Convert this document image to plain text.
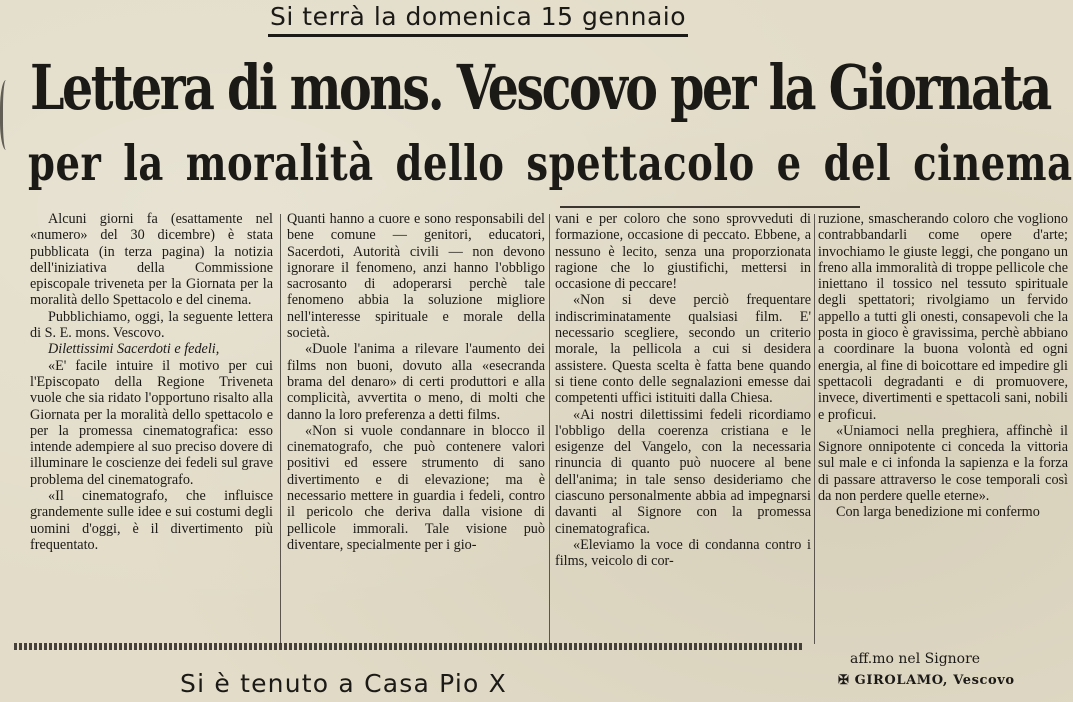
Si terrà la domenica 15 gennaio
Lettera di mons. Vescovo per la Giornata
per la moralità dello spettacolo e del cinema

Alcuni giorni fa (esattamente nel «numero» del 30 dicembre) è stata pubblicata (in terza pagina) la notizia dell'iniziativa della Commissione episcopale triveneta per la Giornata per la moralità dello Spettacolo e del cinema.

Pubblichiamo, oggi, la seguente lettera di S. E. mons. Vescovo.

Dilettissimi Sacerdoti e fedeli,

«E' facile intuire il motivo per cui l'Episcopato della Regione Triveneta vuole che sia ridato l'opportuno risalto alla Giornata per la moralità dello spettacolo e per la promessa cinematografica: esso intende adempiere al suo preciso dovere di illuminare le coscienze dei fedeli sul grave problema del cinematografo.

«Il cinematografo, che influisce grandemente sulle idee e sui costumi degli uomini d'oggi, è il divertimento più frequentato.

Quanti hanno a cuore e sono responsabili del bene comune — genitori, educatori, Sacerdoti, Autorità civili — non devono ignorare il fenomeno, anzi hanno l'obbligo sacrosanto di adoperarsi perchè tale fenomeno abbia la soluzione migliore nell'interesse spirituale e morale della società.

«Duole l'anima a rilevare l'aumento dei films non buoni, dovuto alla «esecranda brama del denaro» di certi produttori e alla complicità, avvertita o meno, di molti che danno la loro preferenza a detti films.

«Non si vuole condannare in blocco il cinematografo, che può contenere valori positivi ed essere strumento di sano divertimento e di elevazione; ma è necessario mettere in guardia i fedeli, contro il pericolo che deriva dalla visione di pellicole immorali. Tale visione può diventare, specialmente per i gio-

vani e per coloro che sono sprovveduti di formazione, occasione di peccato. Ebbene, a nessuno è lecito, senza una proporzionata ragione che lo giustifichi, mettersi in occasione di peccare!

«Non si deve perciò frequentare indiscriminatamente qualsiasi film. E' necessario scegliere, secondo un criterio morale, la pellicola a cui si desidera assistere. Questa scelta è fatta bene quando si tiene conto delle segnalazioni emesse dai competenti uffici istituiti dalla Chiesa.

«Ai nostri dilettissimi fedeli ricordiamo l'obbligo della coerenza cristiana e le esigenze del Vangelo, con la necessaria rinuncia di quanto può nuocere al bene dell'anima; in tale senso desideriamo che ciascuno personalmente abbia ad impegnarsi davanti al Signore con la promessa cinematografica.

«Eleviamo la voce di condanna contro i films, veicolo di cor-

ruzione, smascherando coloro che vogliono contrabbandarli come opere d'arte; invochiamo le giuste leggi, che pongano un freno alla immoralità di troppe pellicole che iniettano il tossico nel tessuto spirituale degli spettatori; rivolgiamo un fervido appello a tutti gli onesti, consapevoli che la posta in gioco è gravissima, perchè abbiano a coordinare la buona volontà ed ogni energia, al fine di boicottare ed impedire gli spettacoli degradanti e di promuovere, invece, divertimenti e spettacoli sani, nobili e proficui.

«Uniamoci nella preghiera, affinchè il Signore onnipotente ci conceda la vittoria sul male e ci infonda la sapienza e la forza di passare attraverso le cose temporali così da non perdere quelle eterne».

Con larga benedizione mi confermo

aff.mo nel Signore
✠ GIROLAMO, Vescovo
Si è tenuto a Casa Pio X
